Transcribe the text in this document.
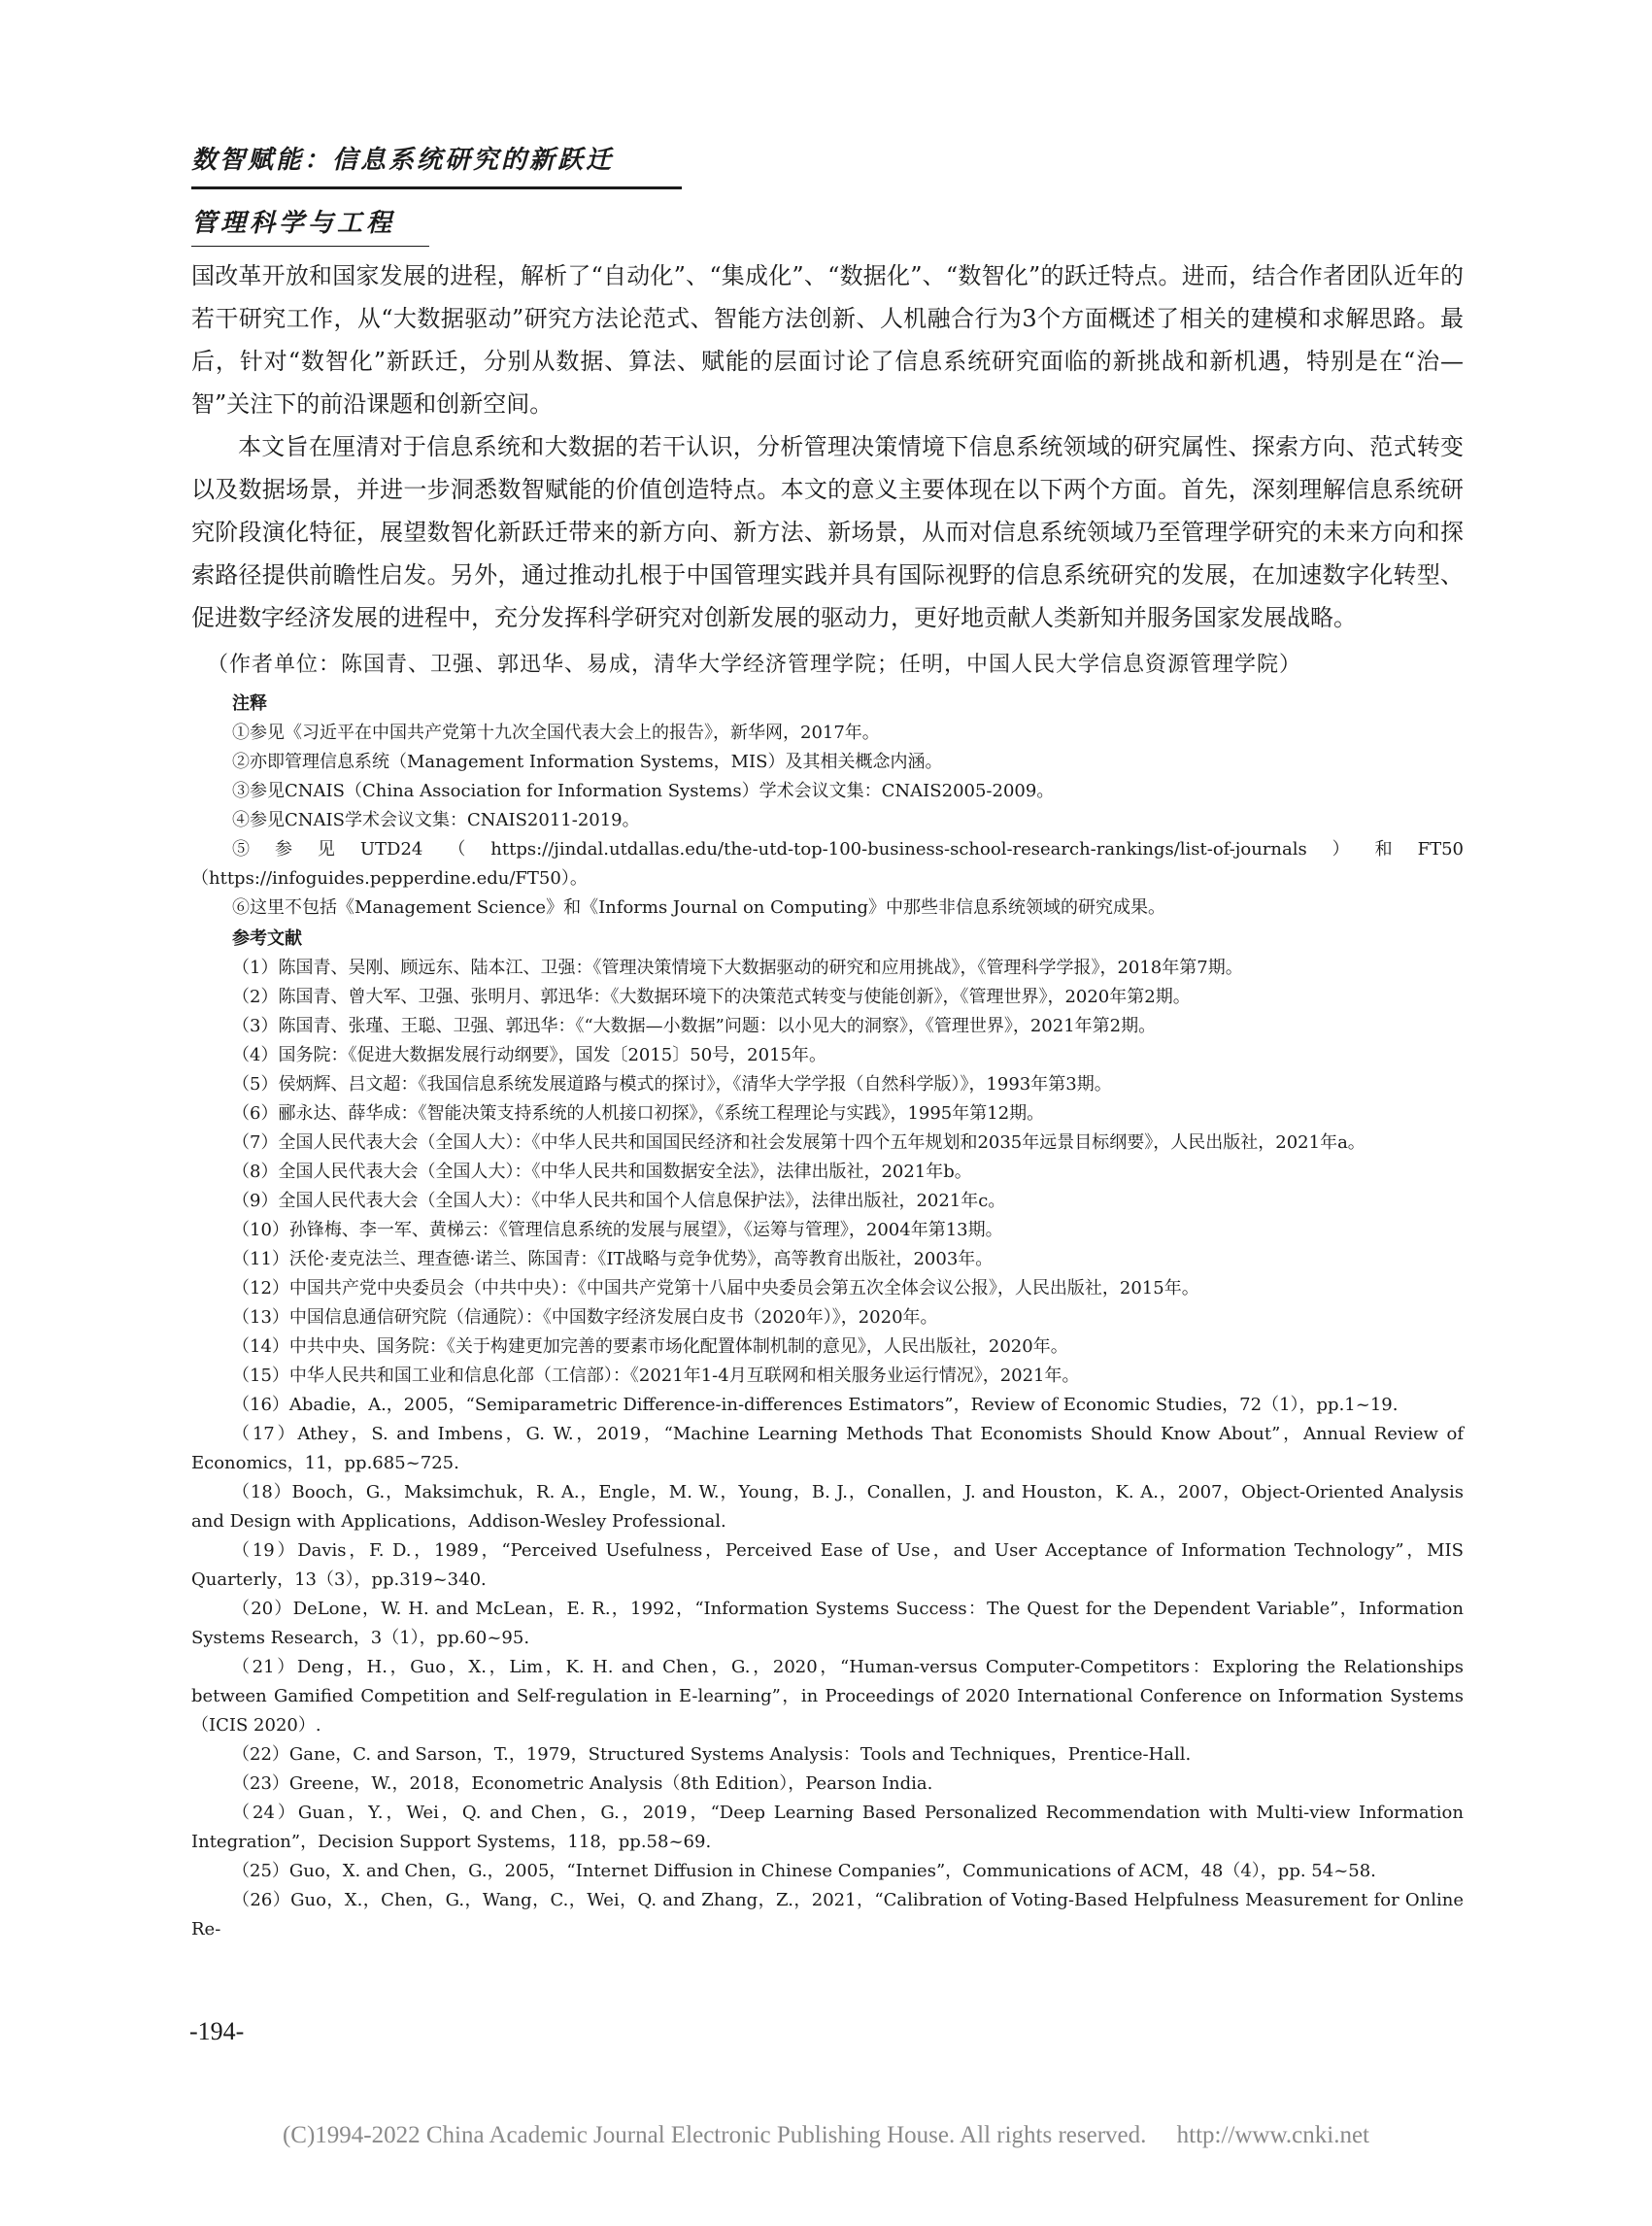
数智赋能：信息系统研究的新跃迁
管理科学与工程

国改革开放和国家发展的进程，解析了“自动化”、“集成化”、“数据化”、“数智化”的跃迁特点。进而，结合作者团队近年的若干研究工作，从“大数据驱动”研究方法论范式、智能方法创新、人机融合行为3个方面概述了相关的建模和求解思路。最后，针对“数智化”新跃迁，分别从数据、算法、赋能的层面讨论了信息系统研究面临的新挑战和新机遇，特别是在“治—智”关注下的前沿课题和创新空间。

本文旨在厘清对于信息系统和大数据的若干认识，分析管理决策情境下信息系统领域的研究属性、探索方向、范式转变以及数据场景，并进一步洞悉数智赋能的价值创造特点。本文的意义主要体现在以下两个方面。首先，深刻理解信息系统研究阶段演化特征，展望数智化新跃迁带来的新方向、新方法、新场景，从而对信息系统领域乃至管理学研究的未来方向和探索路径提供前瞻性启发。另外，通过推动扎根于中国管理实践并具有国际视野的信息系统研究的发展，在加速数字化转型、促进数字经济发展的进程中，充分发挥科学研究对创新发展的驱动力，更好地贡献人类新知并服务国家发展战略。

（作者单位：陈国青、卫强、郭迅华、易成，清华大学经济管理学院；任明，中国人民大学信息资源管理学院）
注释

①参见《习近平在中国共产党第十九次全国代表大会上的报告》，新华网，2017年。

②亦即管理信息系统（Management Information Systems，MIS）及其相关概念内涵。

③参见CNAIS（China Association for Information Systems）学术会议文集：CNAIS2005-2009。

④参见CNAIS学术会议文集：CNAIS2011-2019。

⑤参见UTD24（https://jindal.utdallas.edu/the-utd-top-100-business-school-research-rankings/list-of-journals）和FT50（https://infoguides.pepperdine.edu/FT50）。

⑥这里不包括《Management Science》和《Informs Journal on Computing》中那些非信息系统领域的研究成果。

参考文献

（1）陈国青、吴刚、顾远东、陆本江、卫强：《管理决策情境下大数据驱动的研究和应用挑战》，《管理科学学报》，2018年第7期。

（2）陈国青、曾大军、卫强、张明月、郭迅华：《大数据环境下的决策范式转变与使能创新》，《管理世界》，2020年第2期。

（3）陈国青、张瑾、王聪、卫强、郭迅华：《“大数据—小数据”问题：以小见大的洞察》，《管理世界》，2021年第2期。

（4）国务院：《促进大数据发展行动纲要》，国发〔2015〕50号，2015年。

（5）侯炳辉、吕文超：《我国信息系统发展道路与模式的探讨》，《清华大学学报（自然科学版）》，1993年第3期。

（6）郦永达、薛华成：《智能决策支持系统的人机接口初探》，《系统工程理论与实践》，1995年第12期。

（7）全国人民代表大会（全国人大）：《中华人民共和国国民经济和社会发展第十四个五年规划和2035年远景目标纲要》，人民出版社，2021年a。

（8）全国人民代表大会（全国人大）：《中华人民共和国数据安全法》，法律出版社，2021年b。

（9）全国人民代表大会（全国人大）：《中华人民共和国个人信息保护法》，法律出版社，2021年c。

（10）孙锋梅、李一军、黄梯云：《管理信息系统的发展与展望》，《运筹与管理》，2004年第13期。

（11）沃伦·麦克法兰、理查德·诺兰、陈国青：《IT战略与竞争优势》，高等教育出版社，2003年。

（12）中国共产党中央委员会（中共中央）：《中国共产党第十八届中央委员会第五次全体会议公报》，人民出版社，2015年。

（13）中国信息通信研究院（信通院）：《中国数字经济发展白皮书（2020年）》，2020年。

（14）中共中央、国务院：《关于构建更加完善的要素市场化配置体制机制的意见》，人民出版社，2020年。

（15）中华人民共和国工业和信息化部（工信部）：《2021年1-4月互联网和相关服务业运行情况》，2021年。

（16）Abadie，A.，2005，“Semiparametric Difference-in-differences Estimators”，Review of Economic Studies，72（1），pp.1~19.

（17）Athey，S. and Imbens，G. W.，2019，“Machine Learning Methods That Economists Should Know About”，Annual Review of Economics，11，pp.685~725.

（18）Booch，G.，Maksimchuk，R. A.，Engle，M. W.，Young，B. J.，Conallen，J. and Houston，K. A.，2007，Object-Oriented Analysis and Design with Applications，Addison-Wesley Professional.

（19）Davis，F. D.，1989，“Perceived Usefulness，Perceived Ease of Use，and User Acceptance of Information Technology”，MIS Quarterly，13（3），pp.319~340.

（20）DeLone，W. H. and McLean，E. R.，1992，“Information Systems Success：The Quest for the Dependent Variable”，Information Systems Research，3（1），pp.60~95.

（21）Deng，H.，Guo，X.，Lim，K. H. and Chen，G.，2020，“Human-versus Computer-Competitors：Exploring the Relationships between Gamified Competition and Self-regulation in E-learning”，in Proceedings of 2020 International Conference on Information Systems（ICIS 2020）.

（22）Gane，C. and Sarson，T.，1979，Structured Systems Analysis：Tools and Techniques，Prentice-Hall.

（23）Greene，W.，2018，Econometric Analysis（8th Edition），Pearson India.

（24）Guan，Y.，Wei，Q. and Chen，G.，2019，“Deep Learning Based Personalized Recommendation with Multi-view Information Integration”，Decision Support Systems，118，pp.58~69.

（25）Guo，X. and Chen，G.，2005，“Internet Diffusion in Chinese Companies”，Communications of ACM，48（4），pp. 54~58.

（26）Guo，X.，Chen，G.，Wang，C.，Wei，Q. and Zhang，Z.，2021，“Calibration of Voting-Based Helpfulness Measurement for Online Re-

-194-
(C)1994-2022 China Academic Journal Electronic Publishing House. All rights reserved.     http://www.cnki.net
